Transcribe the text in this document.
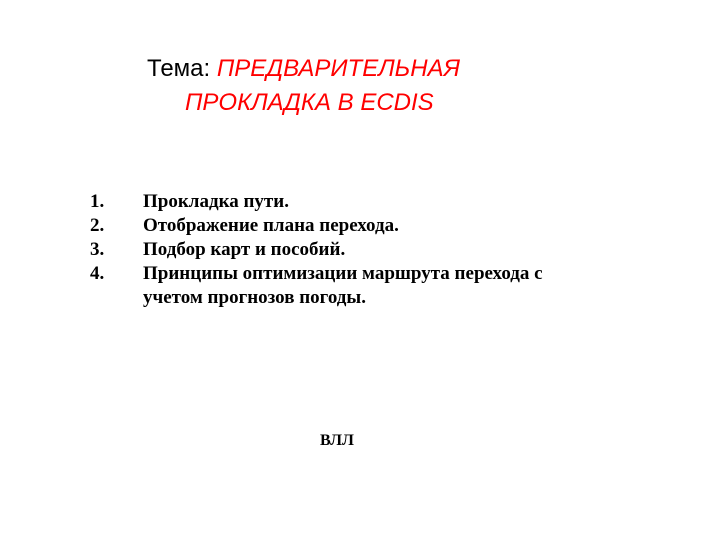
Тема: ПРЕДВАРИТЕЛЬНАЯ
ПРОКЛАДКА В ECDIS
1.	Прокладка пути.
2.	Отображение плана перехода.
3.	Подбор карт и пособий.
4.	Принципы оптимизации маршрута перехода с учетом прогнозов погоды.
ВЛЛ
